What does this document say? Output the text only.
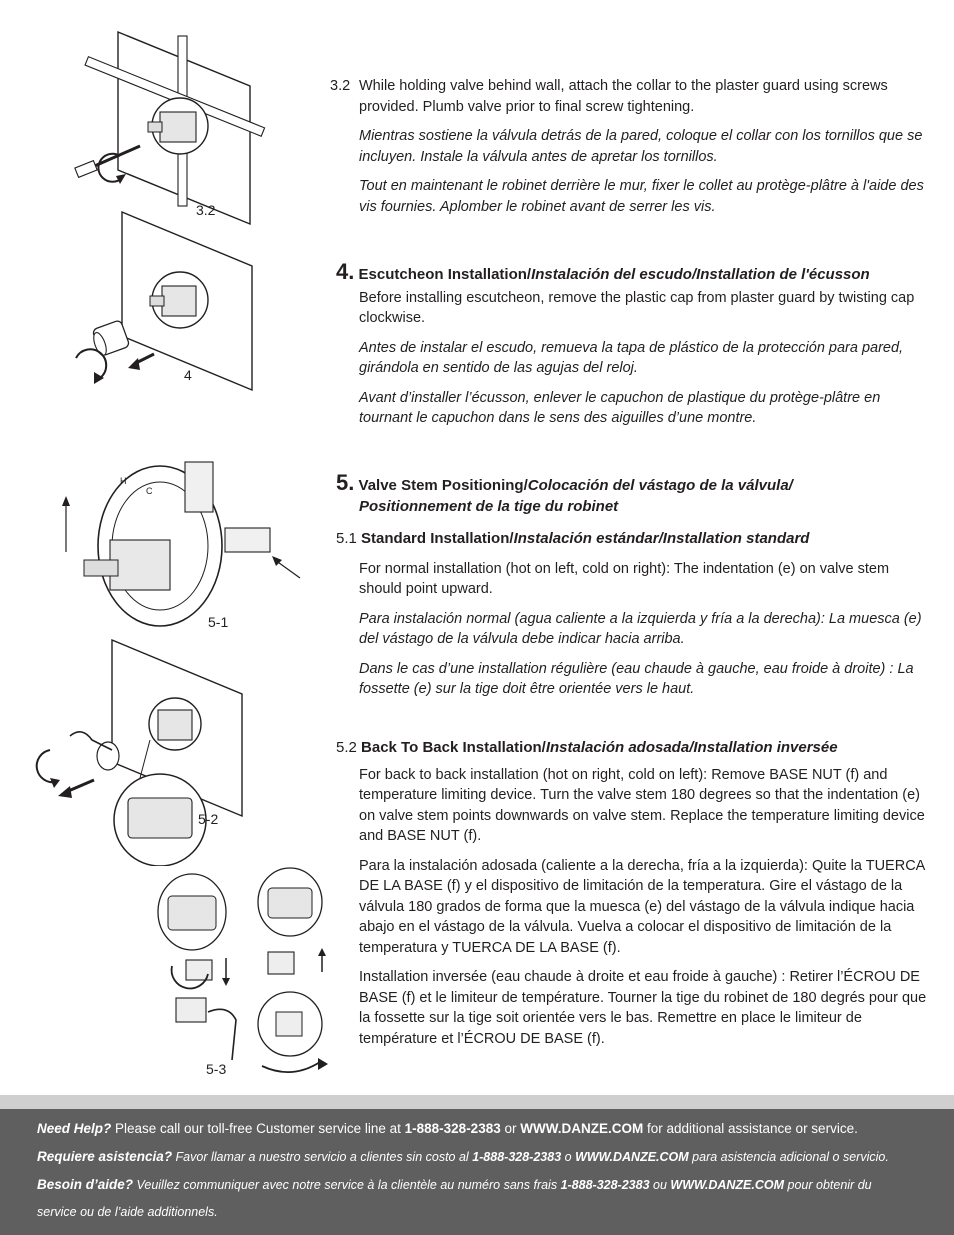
3.2
4
H
C
5-1
5-2
5-3

3.2 While holding valve behind wall, attach the collar to the plaster guard using screws provided. Plumb valve prior to final screw tightening.

Mientras sostiene la válvula detrás de la pared, coloque el collar con los tornillos que se incluyen. Instale la válvula antes de apretar los tornillos.

Tout en maintenant le robinet derrière le mur, fixer le collet au protège-plâtre à l'aide des vis fournies. Aplomber le robinet avant de serrer les vis.

4. Escutcheon Installation/Instalación del escudo/Installation de l'écusson

Before installing escutcheon, remove the plastic cap from plaster guard by twisting cap clockwise.

Antes de instalar el escudo, remueva la tapa de plástico de la protección para pared, girándola en sentido de las agujas del reloj.

Avant d’installer l’écusson, enlever le capuchon de plastique du protège-plâtre en tournant le capuchon dans le sens des aiguilles d’une montre.

5. Valve Stem Positioning/Colocación del vástago de la válvula/

Positionnement de la tige du robinet

5.1 Standard Installation/Instalación estándar/Installation standard

For normal installation (hot on left, cold on right): The indentation (e) on valve stem should point upward.

Para instalación normal (agua caliente a la izquierda y fría a la derecha): La muesca (e) del vástago de la válvula debe indicar hacia arriba.

Dans le cas d’une installation régulière (eau chaude à gauche, eau froide à droite) : La fossette (e) sur la tige doit être orientée vers le haut.

5.2 Back To Back Installation/Instalación adosada/Installation inversée

For back to back installation (hot on right, cold on left): Remove BASE NUT (f) and temperature limiting device. Turn the valve stem 180 degrees so that the indentation (e) on valve stem points downwards on valve stem. Replace the temperature limiting device and BASE NUT (f).

Para la instalación adosada (caliente a la derecha, fría a la izquierda): Quite la TUERCA DE LA BASE (f) y el dispositivo de limitación de la temperatura. Gire el vástago de la válvula 180 grados de forma que la muesca (e) del vástago de la válvula indique hacia abajo en el vástago de la válvula. Vuelva a colocar el dispositivo de limitación de la temperatura y TUERCA DE LA BASE (f).

Installation inversée (eau chaude à droite et eau froide à gauche) : Retirer l’ÉCROU DE BASE (f) et le limiteur de température. Tourner la tige du robinet de 180 degrés pour que la fossette sur la tige soit orientée vers le bas. Remettre en place le limiteur de température et l’ÉCROU DE BASE (f).

Need Help? Please call our toll-free Customer service line at 1-888-328-2383 or WWW.DANZE.COM for additional assistance or service.
Requiere asistencia? Favor llamar a nuestro servicio a clientes sin costo al 1-888-328-2383 o WWW.DANZE.COM para asistencia adicional o servicio.
Besoin d’aide? Veuillez communiquer avec notre service à la clientèle au numéro sans frais 1-888-328-2383 ou WWW.DANZE.COM pour obtenir du
service ou de l’aide additionnels.
